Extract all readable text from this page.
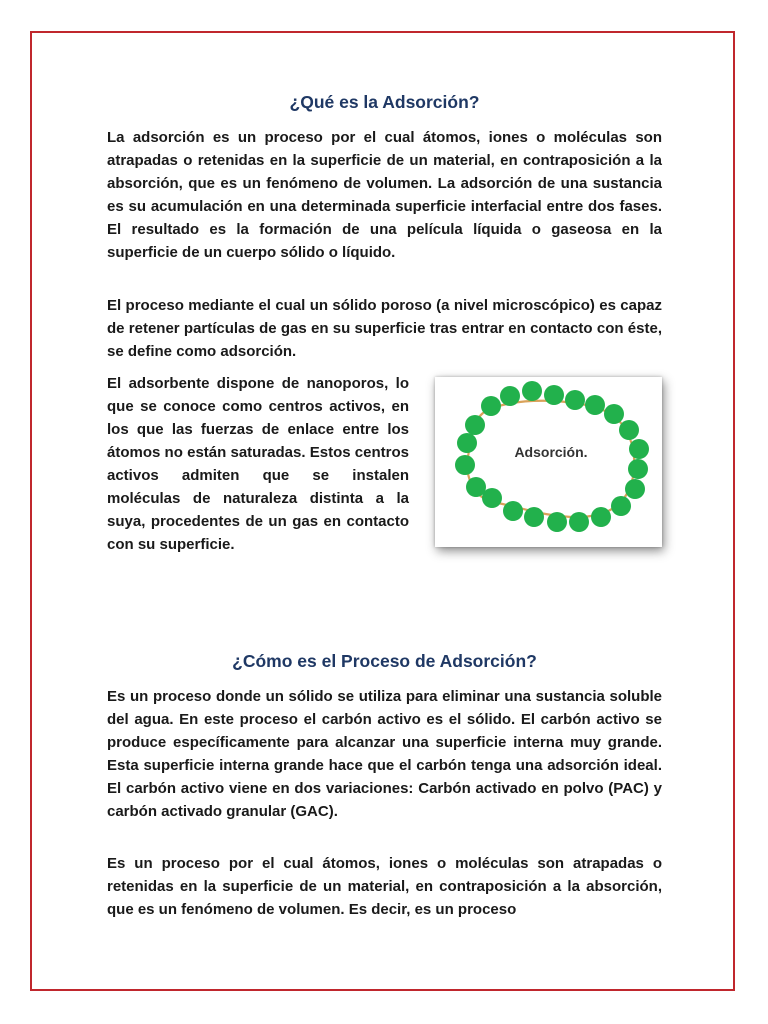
¿Qué es la Adsorción?

La adsorción es un proceso por el cual átomos, iones o moléculas son atrapadas o retenidas en la superficie de un material, en contraposición a la absorción, que es un fenómeno de volumen. La adsorción de una sustancia es su acumulación en una determinada superficie interfacial entre dos fases. El resultado es la formación de una película líquida o gaseosa en la superficie de un cuerpo sólido o líquido.

El proceso mediante el cual un sólido poroso (a nivel microscópico) es capaz de retener partículas de gas en su superficie tras entrar en contacto con éste, se define como adsorción.

El adsorbente dispone de nanoporos, lo que se conoce como centros activos, en los que las fuerzas de enlace entre los átomos no están saturadas. Estos centros activos admiten que se instalen moléculas de naturaleza distinta a la suya, procedentes de un gas en contacto con su superficie.

¿Cómo es el Proceso de Adsorción?

Es un proceso donde un sólido se utiliza para eliminar una sustancia soluble del agua. En este proceso el carbón activo es el sólido. El carbón activo se produce específicamente para alcanzar una superficie interna muy grande. Esta superficie interna grande hace que el carbón tenga una adsorción ideal. El carbón activo viene en dos variaciones: Carbón activado en polvo (PAC) y carbón activado granular (GAC).

Es un proceso por el cual átomos, iones o moléculas son atrapadas o retenidas en la superficie de un material, en contraposición a la absorción, que es un fenómeno de volumen. Es decir, es un proceso

Adsorción.
